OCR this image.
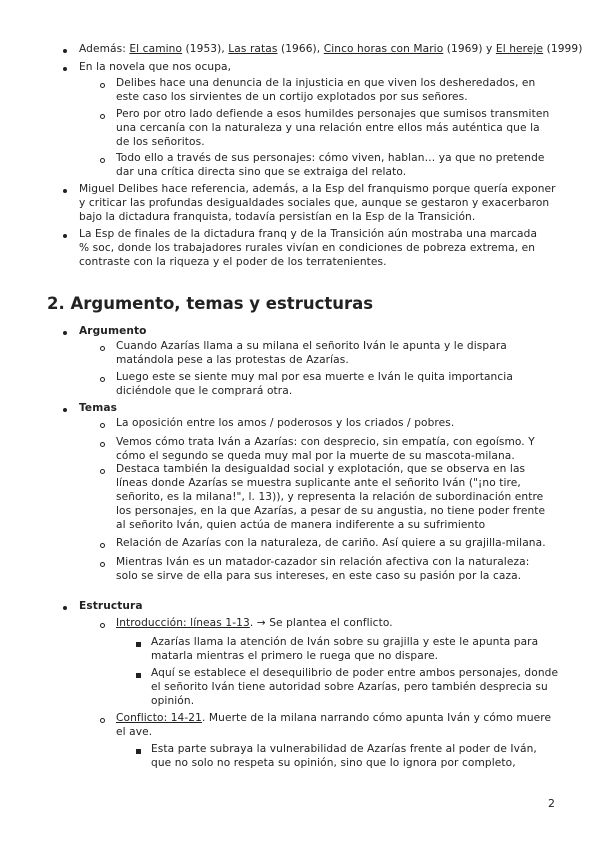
Además: El camino (1953), Las ratas (1966), Cinco horas con Mario (1969) y El hereje (1999)
En la novela que nos ocupa,
Delibes hace una denuncia de la injusticia en que viven los desheredados, en
este caso los sirvientes de un cortijo explotados por sus señores.
Pero por otro lado defiende a esos humildes personajes que sumisos transmiten
una cercanía con la naturaleza y una relación entre ellos más auténtica que la
de los señoritos.
Todo ello a través de sus personajes: cómo viven, hablan… ya que no pretende
dar una crítica directa sino que se extraiga del relato.
Miguel Delibes hace referencia, además, a la Esp del franquismo porque quería exponer
y criticar las profundas desigualdades sociales que, aunque se gestaron y exacerbaron
bajo la dictadura franquista, todavía persistían en la Esp de la Transición.
La Esp de finales de la dictadura franq y de la Transición aún mostraba una marcada
% soc, donde los trabajadores rurales vivían en condiciones de pobreza extrema, en
contraste con la riqueza y el poder de los terratenientes.
2. Argumento, temas y estructuras
Argumento
Cuando Azarías llama a su milana el señorito Iván le apunta y le dispara
matándola pese a las protestas de Azarías.
Luego este se siente muy mal por esa muerte e Iván le quita importancia
diciéndole que le comprará otra.
Temas
La oposición entre los amos / poderosos y los criados / pobres.
Vemos cómo trata Iván a Azarías: con desprecio, sin empatía, con egoísmo. Y
cómo el segundo se queda muy mal por la muerte de su mascota-milana.
Destaca también la desigualdad social y explotación, que se observa en las
líneas donde Azarías se muestra suplicante ante el señorito Iván ("¡no tire,
señorito, es la milana!", l. 13)), y representa la relación de subordinación entre
los personajes, en la que Azarías, a pesar de su angustia, no tiene poder frente
al señorito Iván, quien actúa de manera indiferente a su sufrimiento
Relación de Azarías con la naturaleza, de cariño. Así quiere a su grajilla-milana.
Mientras Iván es un matador-cazador sin relación afectiva con la naturaleza:
solo se sirve de ella para sus intereses, en este caso su pasión por la caza.
Estructura
Introducción: líneas 1-13. → Se plantea el conflicto.
Azarías llama la atención de Iván sobre su grajilla y este le apunta para
matarla mientras el primero le ruega que no dispare.
Aquí se establece el desequilibrio de poder entre ambos personajes, donde
el señorito Iván tiene autoridad sobre Azarías, pero también desprecia su
opinión.
Conflicto: 14-21. Muerte de la milana narrando cómo apunta Iván y cómo muere
el ave.
Esta parte subraya la vulnerabilidad de Azarías frente al poder de Iván,
que no solo no respeta su opinión, sino que lo ignora por completo,
2
